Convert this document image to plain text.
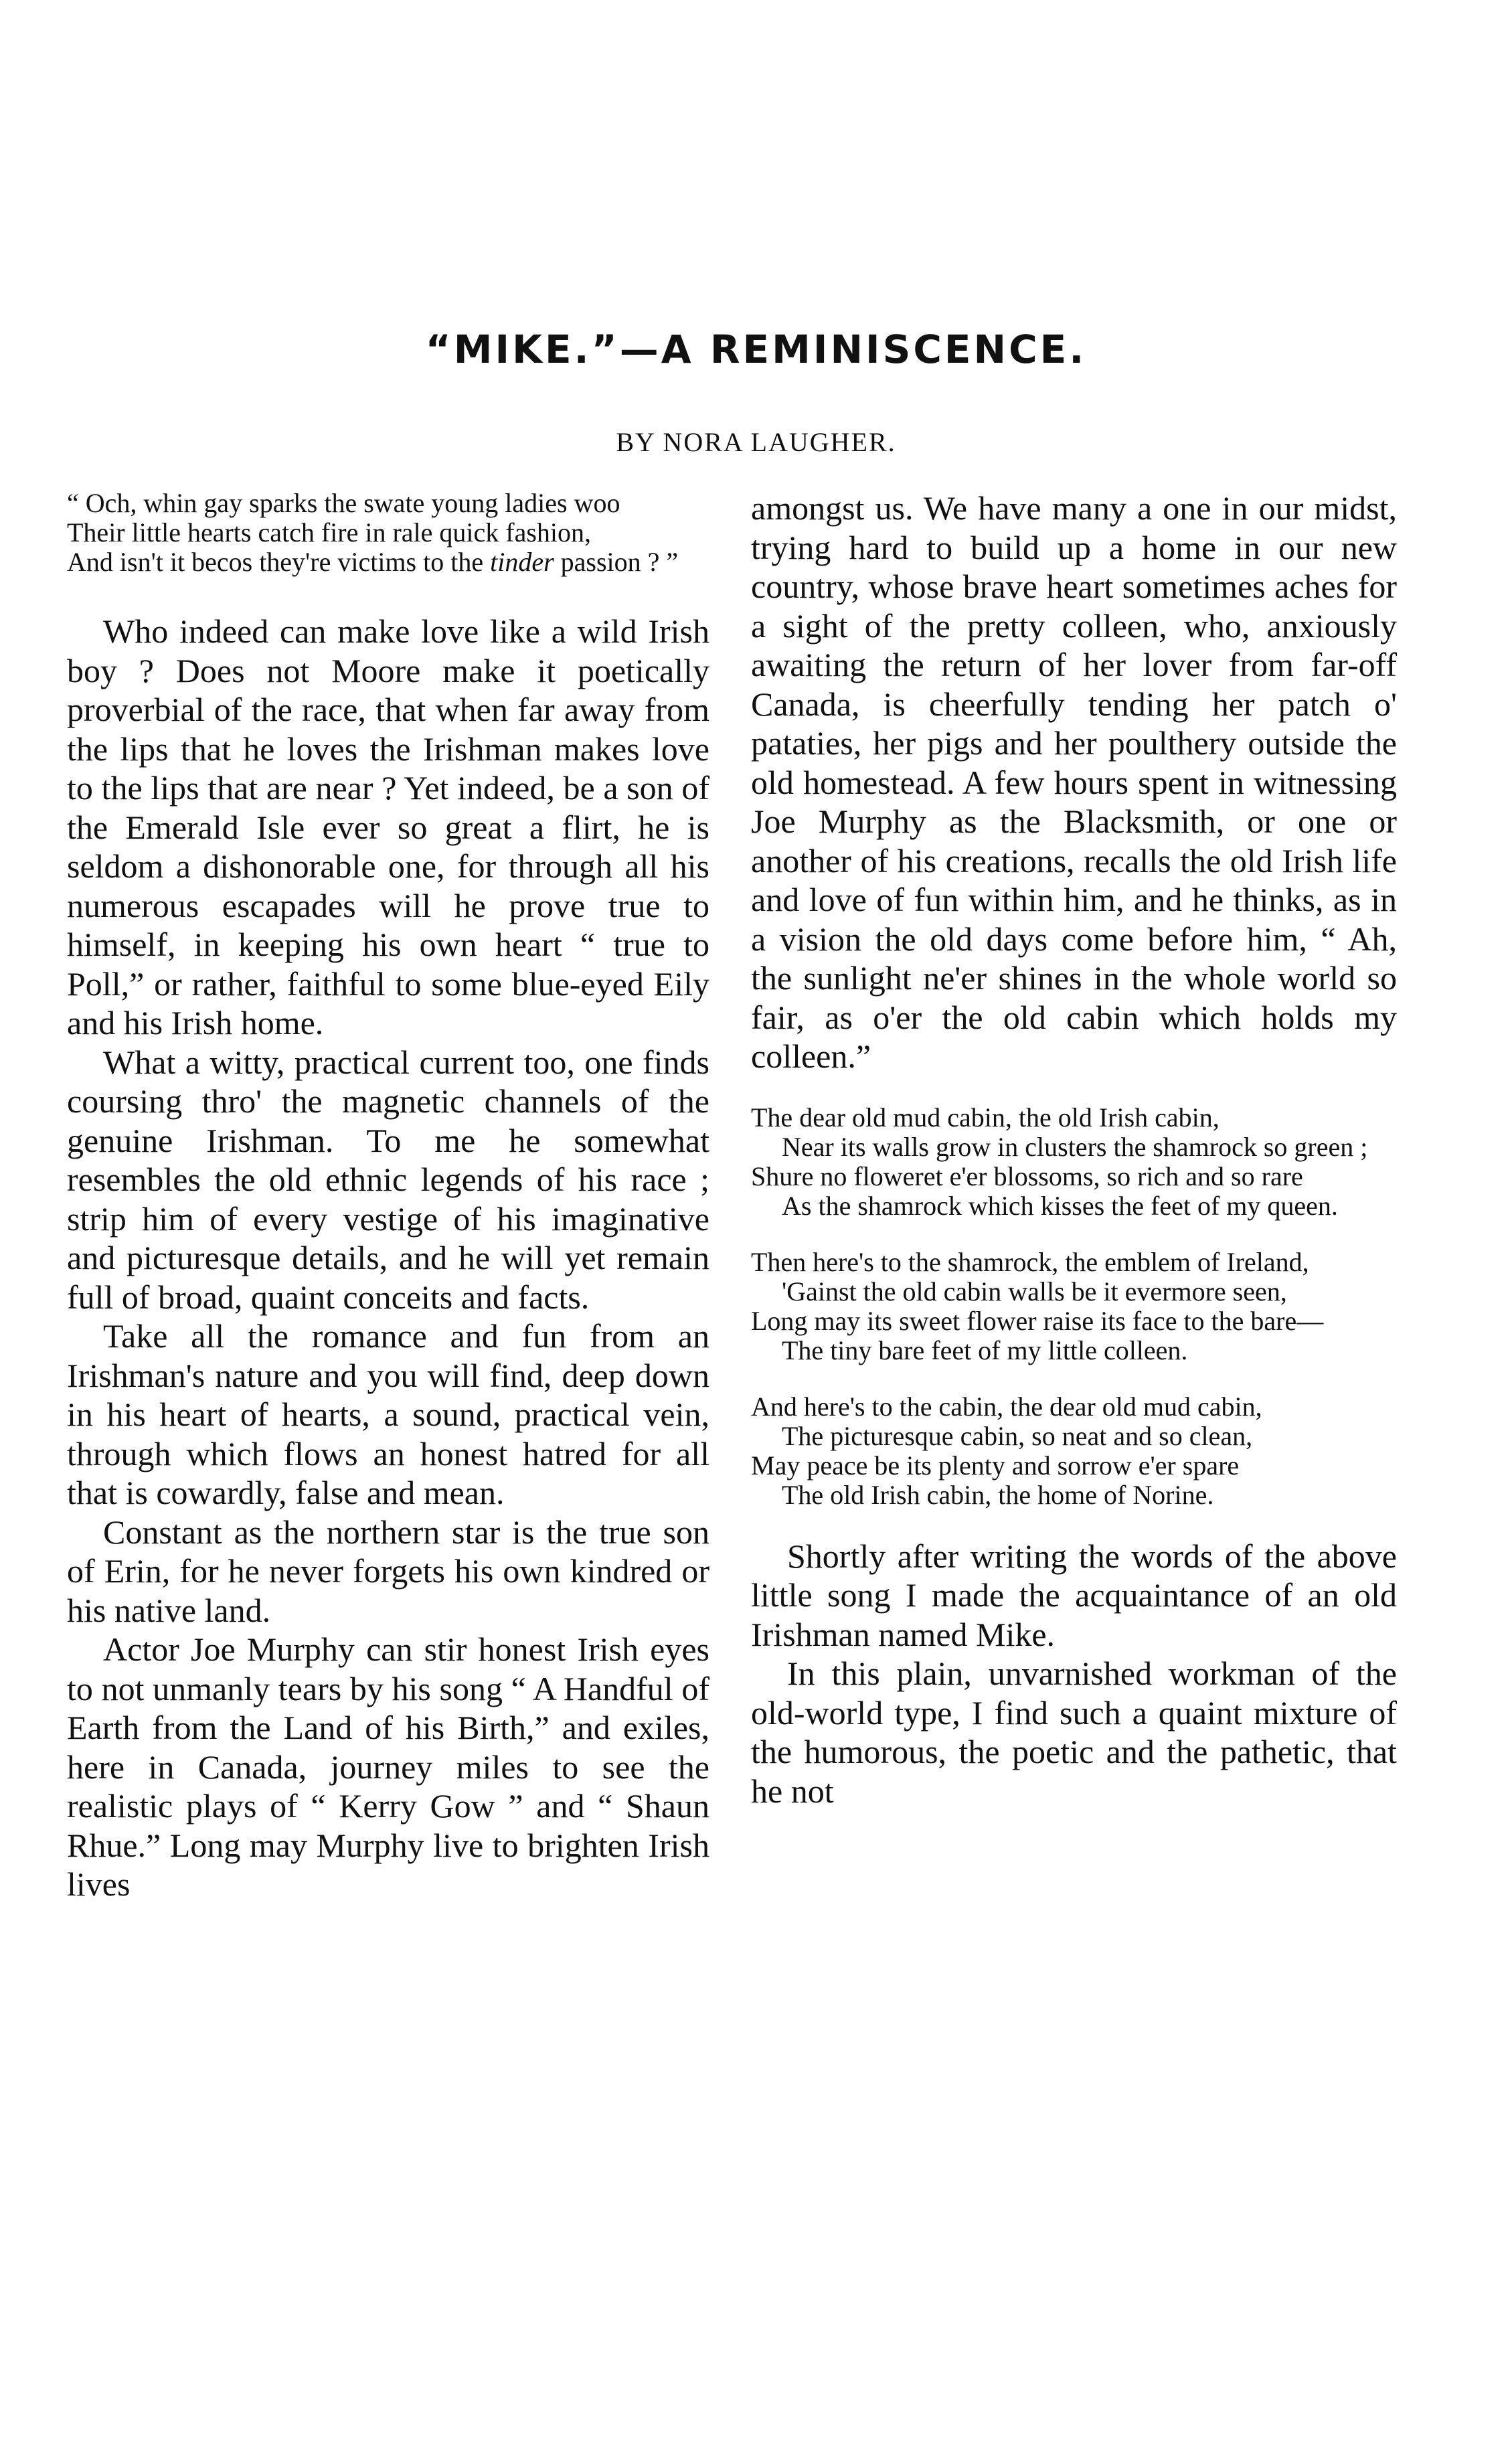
“MIKE.”—A REMINISCENCE.
BY NORA LAUGHER.
“ Och, whin gay sparks the swate young ladies woo
Their little hearts catch fire in rale quick fashion,
And isn't it becos they're victims to the tinder passion ? ”

Who indeed can make love like a wild Irish boy ? Does not Moore make it poetically proverbial of the race, that when far away from the lips that he loves the Irishman makes love to the lips that are near ? Yet indeed, be a son of the Emerald Isle ever so great a flirt, he is seldom a dishonorable one, for through all his numerous escapades will he prove true to himself, in keeping his own heart “ true to Poll,” or rather, faithful to some blue-eyed Eily and his Irish home.

What a witty, practical current too, one finds coursing thro' the magnetic channels of the genuine Irishman. To me he somewhat resembles the old ethnic legends of his race ; strip him of every vestige of his imaginative and picturesque details, and he will yet remain full of broad, quaint conceits and facts.

Take all the romance and fun from an Irishman's nature and you will find, deep down in his heart of hearts, a sound, practical vein, through which flows an honest hatred for all that is cowardly, false and mean.

Constant as the northern star is the true son of Erin, for he never forgets his own kindred or his native land.

Actor Joe Murphy can stir honest Irish eyes to not unmanly tears by his song “ A Handful of Earth from the Land of his Birth,” and exiles, here in Canada, journey miles to see the realistic plays of “ Kerry Gow ” and “ Shaun Rhue.” Long may Murphy live to brighten Irish lives

amongst us. We have many a one in our midst, trying hard to build up a home in our new country, whose brave heart sometimes aches for a sight of the pretty colleen, who, anxiously awaiting the return of her lover from far-off Canada, is cheerfully tending her patch o' pataties, her pigs and her poulthery outside the old homestead. A few hours spent in witnessing Joe Murphy as the Blacksmith, or one or another of his creations, recalls the old Irish life and love of fun within him, and he thinks, as in a vision the old days come before him, “ Ah, the sunlight ne'er shines in the whole world so fair, as o'er the old cabin which holds my colleen.”

The dear old mud cabin, the old Irish cabin,
Near its walls grow in clusters the shamrock so green ;
Shure no floweret e'er blossoms, so rich and so rare
As the shamrock which kisses the feet of my queen.
Then here's to the shamrock, the emblem of Ireland,
'Gainst the old cabin walls be it evermore seen,
Long may its sweet flower raise its face to the bare—
The tiny bare feet of my little colleen.
And here's to the cabin, the dear old mud cabin,
The picturesque cabin, so neat and so clean,
May peace be its plenty and sorrow e'er spare
The old Irish cabin, the home of Norine.

Shortly after writing the words of the above little song I made the acquaintance of an old Irishman named Mike.

In this plain, unvarnished workman of the old-world type, I find such a quaint mixture of the humorous, the poetic and the pathetic, that he not
